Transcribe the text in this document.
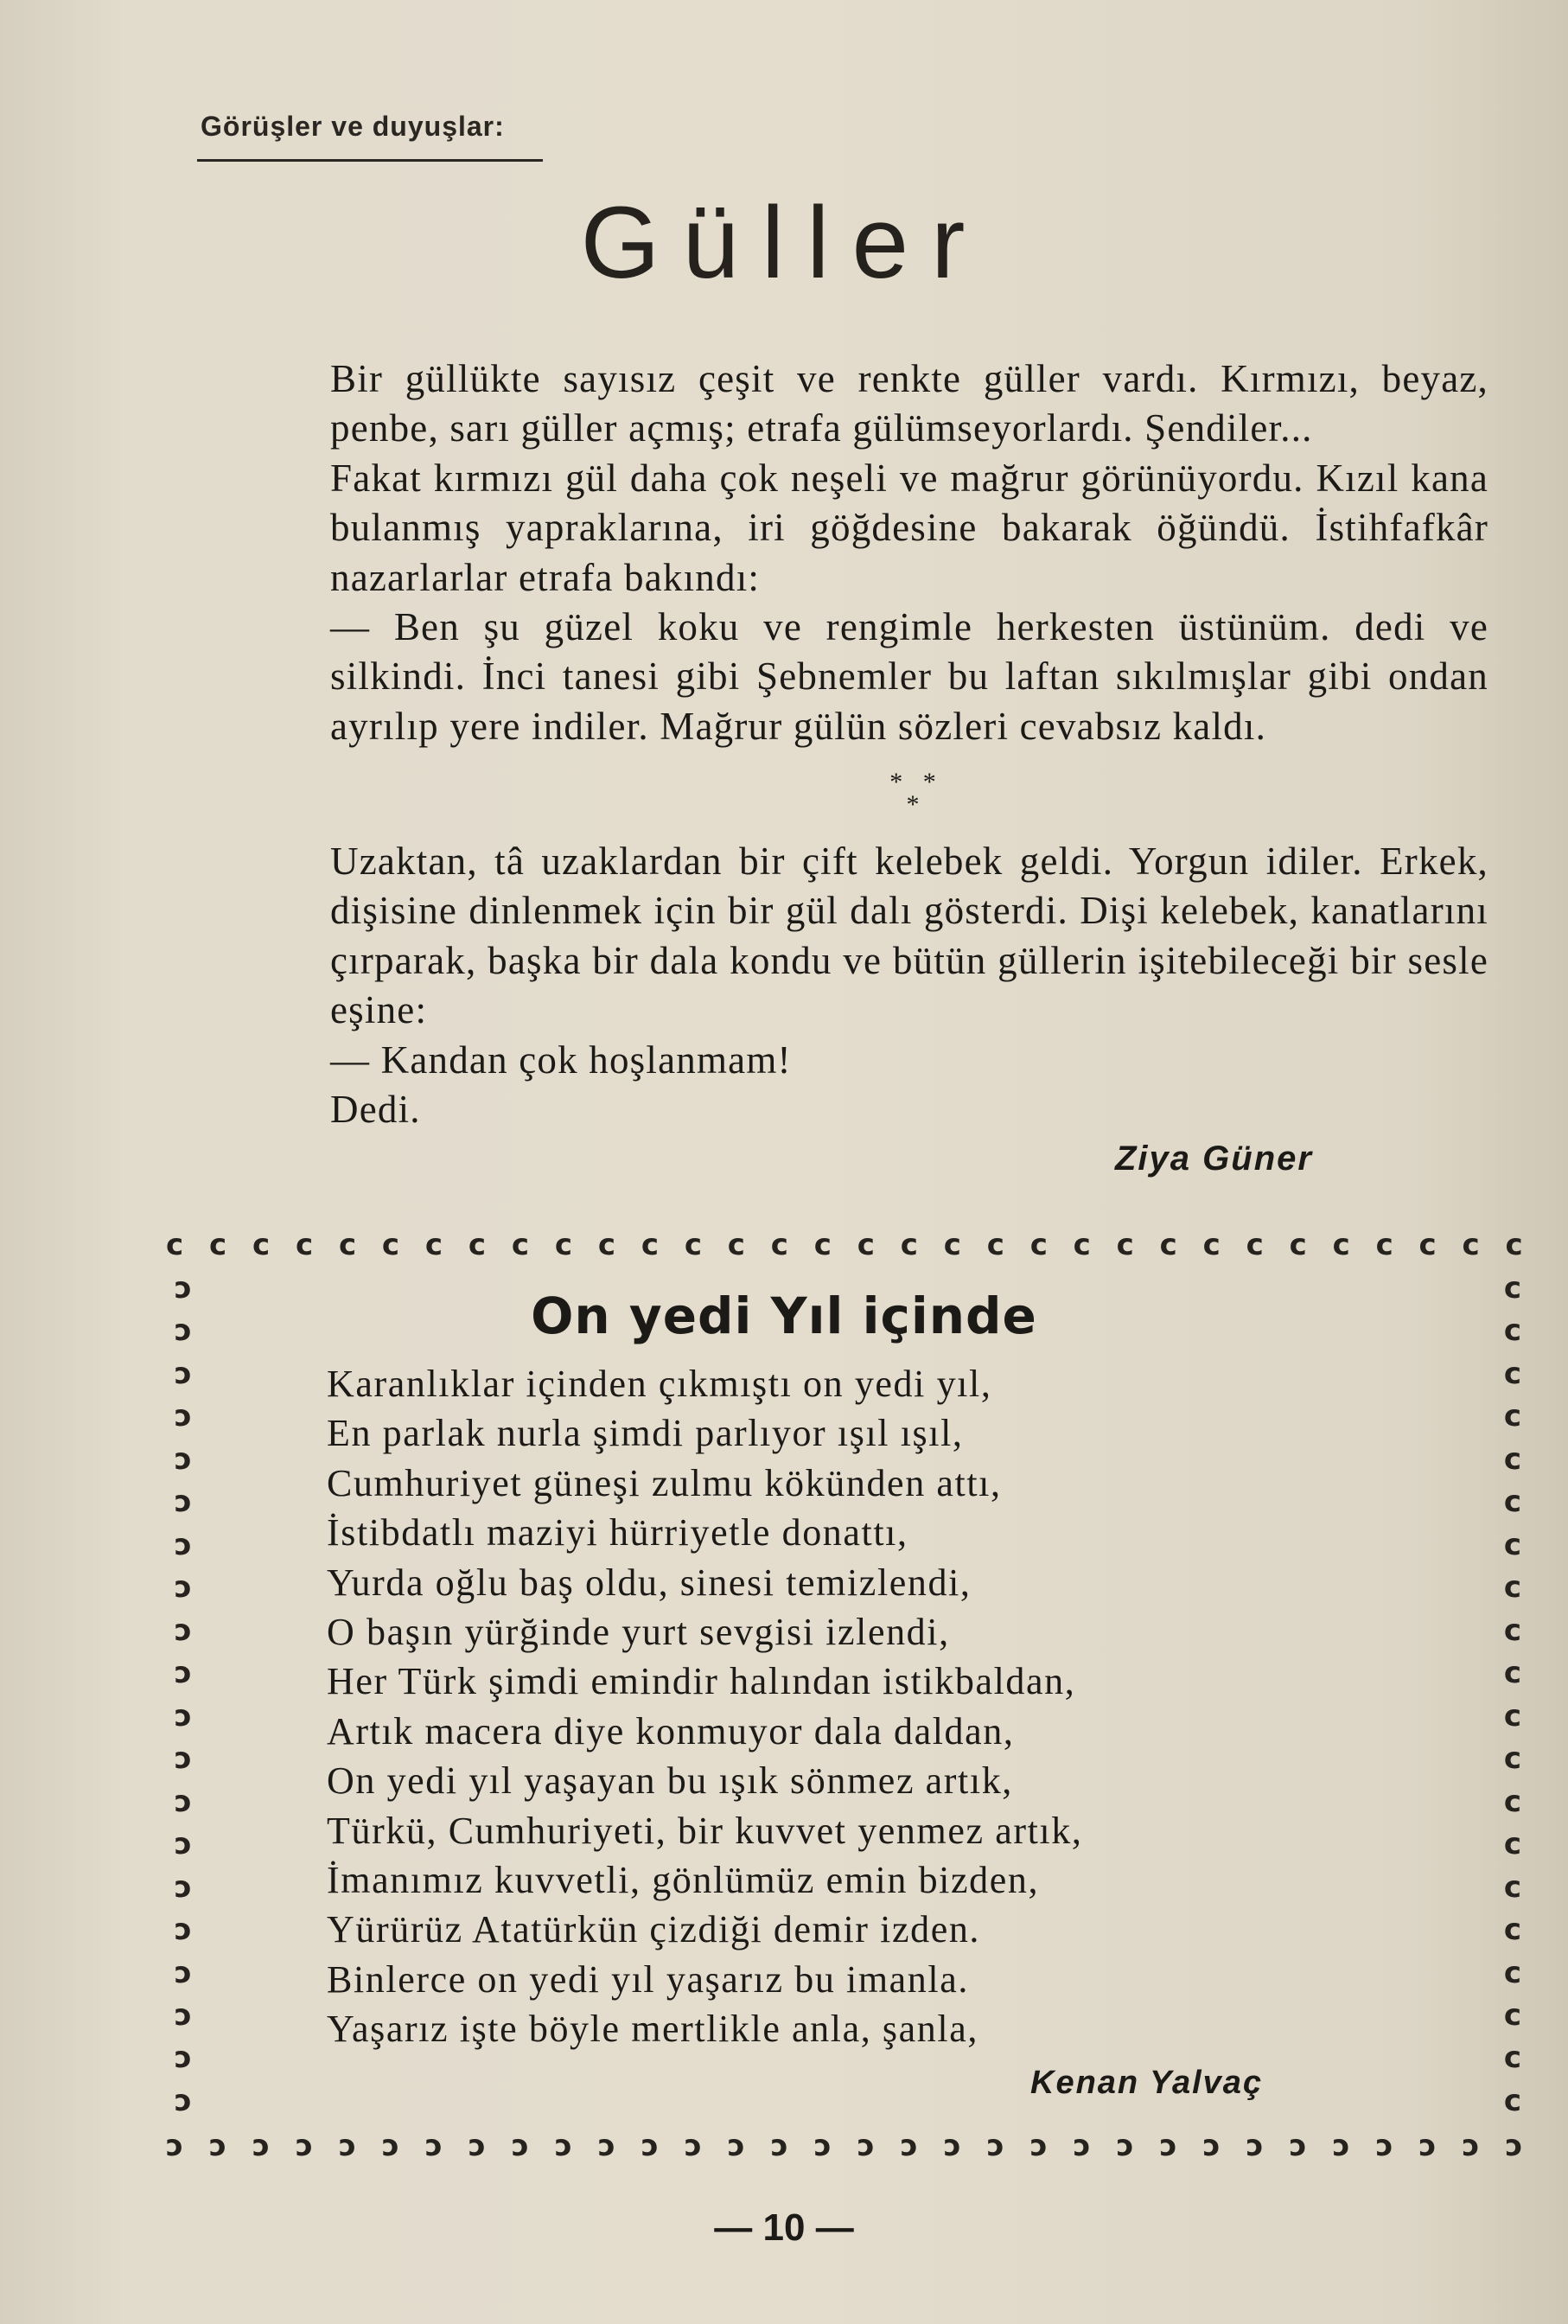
Görüşler ve duyuşlar:
Güller

Bir güllükte sayısız çeşit ve renkte güller vardı. Kırmızı, beyaz, penbe, sarı güller açmış; etrafa gülümseyorlardı. Şendiler...

Fakat kırmızı gül daha çok neşeli ve mağrur görünüyordu. Kızıl kana bulanmış yapraklarına, iri göğdesine bakarak öğündü. İstihfafkâr nazarlarlar etrafa bakındı:

— Ben şu güzel koku ve rengimle herkesten üstünüm. dedi ve silkindi. İnci tanesi gibi Şebnemler bu laftan sıkılmışlar gibi ondan ayrılıp yere indiler. Mağrur gülün sözleri cevabsız kaldı.

* * *

Uzaktan, tâ uzaklardan bir çift kelebek geldi. Yorgun idiler. Erkek, dişisine dinlenmek için bir gül dalı gösterdi. Dişi kelebek, kanatlarını çırparak, başka bir dala kondu ve bütün güllerin işitebileceği bir sesle eşine:

— Kandan çok hoşlanmam!

Dedi.

Ziya Güner
c c c c c c c c c c c c c c c c c c c c c c c c c c c c c c c c
ɔ ɔ ɔ ɔ ɔ ɔ ɔ ɔ ɔ ɔ ɔ ɔ ɔ ɔ ɔ ɔ ɔ ɔ ɔ ɔ ɔ ɔ ɔ ɔ ɔ ɔ ɔ ɔ ɔ ɔ ɔ ɔ
ɔ
ɔ
ɔ
ɔ
ɔ
ɔ
ɔ
ɔ
ɔ
ɔ
ɔ
ɔ
ɔ
ɔ
ɔ
ɔ
ɔ
ɔ
ɔ
ɔ
c
c
c
c
c
c
c
c
c
c
c
c
c
c
c
c
c
c
c
c
On yedi Yıl içinde
Karanlıklar içinden çıkmıştı on yedi yıl,
En parlak nurla şimdi parlıyor ışıl ışıl,
Cumhuriyet güneşi zulmu kökünden attı,
İstibdatlı maziyi hürriyetle donattı,
Yurda oğlu baş oldu, sinesi temizlendi,
O başın yürğinde yurt sevgisi izlendi,
Her Türk şimdi emindir halından istikbaldan,
Artık macera diye konmuyor dala daldan,
On yedi yıl yaşayan bu ışık sönmez artık,
Türkü, Cumhuriyeti, bir kuvvet yenmez artık,
İmanımız kuvvetli, gönlümüz emin bizden,
Yürürüz Atatürkün çizdiği demir izden.
Binlerce on yedi yıl yaşarız bu imanla.
Yaşarız işte böyle mertlikle anla, şanla,
Kenan Yalvaç
— 10 —
